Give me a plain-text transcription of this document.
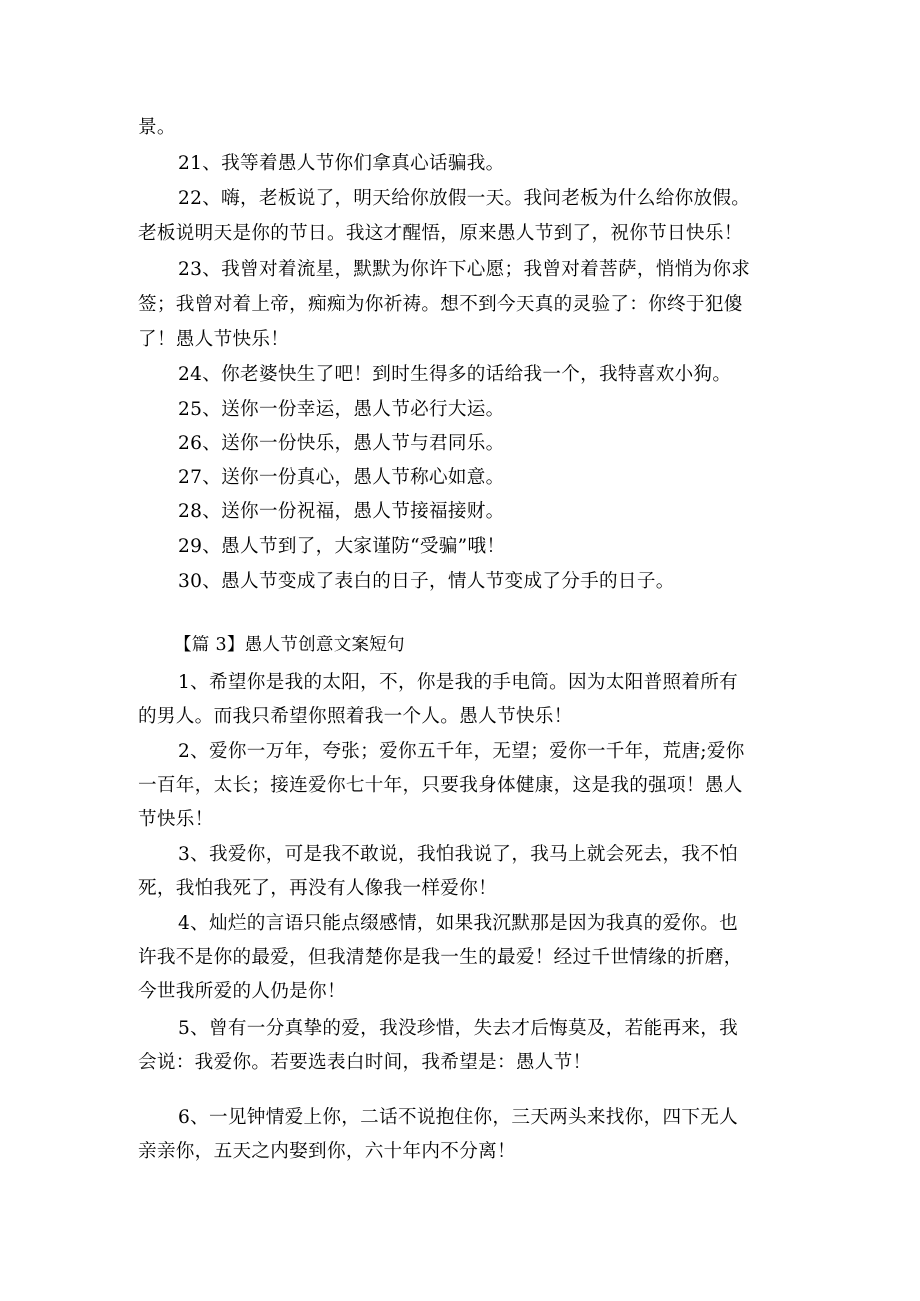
景。
21、我等着愚人节你们拿真心话骗我。
22、嗨，老板说了，明天给你放假一天。我问老板为什么给你放假。
老板说明天是你的节日。我这才醒悟，原来愚人节到了，祝你节日快乐！
23、我曾对着流星，默默为你许下心愿；我曾对着菩萨，悄悄为你求
签；我曾对着上帝，痴痴为你祈祷。想不到今天真的灵验了：你终于犯傻
了！愚人节快乐！
24、你老婆快生了吧！到时生得多的话给我一个，我特喜欢小狗。
25、送你一份幸运，愚人节必行大运。
26、送你一份快乐，愚人节与君同乐。
27、送你一份真心，愚人节称心如意。
28、送你一份祝福，愚人节接福接财。
29、愚人节到了，大家谨防“受骗”哦！
30、愚人节变成了表白的日子，情人节变成了分手的日子。
【篇 3】愚人节创意文案短句
1、希望你是我的太阳，不，你是我的手电筒。因为太阳普照着所有
的男人。而我只希望你照着我一个人。愚人节快乐！
2、爱你一万年，夸张；爱你五千年，无望；爱你一千年，荒唐;爱你
一百年，太长；接连爱你七十年，只要我身体健康，这是我的强项！愚人
节快乐！
3、我爱你，可是我不敢说，我怕我说了，我马上就会死去，我不怕
死，我怕我死了，再没有人像我一样爱你！
4、灿烂的言语只能点缀感情，如果我沉默那是因为我真的爱你。也
许我不是你的最爱，但我清楚你是我一生的最爱！经过千世情缘的折磨，
今世我所爱的人仍是你！
5、曾有一分真挚的爱，我没珍惜，失去才后悔莫及，若能再来，我
会说：我爱你。若要选表白时间，我希望是：愚人节！
6、一见钟情爱上你，二话不说抱住你，三天两头来找你，四下无人
亲亲你，五天之内娶到你，六十年内不分离！
